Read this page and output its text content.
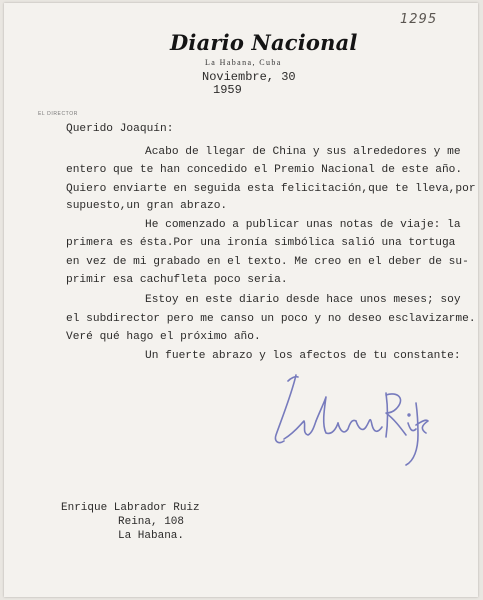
1295
Diario Nacional
La Habana, Cuba
EL DIRECTOR
Noviembre, 30
1959
Querido Joaquín:
Acabo de llegar de China y sus alrededores y me
entero que te han concedido el Premio Nacional de este año.
Quiero enviarte en seguida esta felicitación,que te lleva,por
supuesto,un gran abrazo.
He comenzado a publicar unas notas de viaje: la
primera es ésta.Por una ironía simbólica salió una tortuga
en vez de mi grabado en el texto. Me creo en el deber de su-
primir esa cachufleta poco seria.
Estoy en este diario desde hace unos meses; soy
el subdirector pero me canso un poco y no deseo esclavizarme.
Veré qué hago el próximo año.
Un fuerte abrazo y los afectos de tu constante:
Enrique Labrador Ruiz
Reina, 108
La Habana.
